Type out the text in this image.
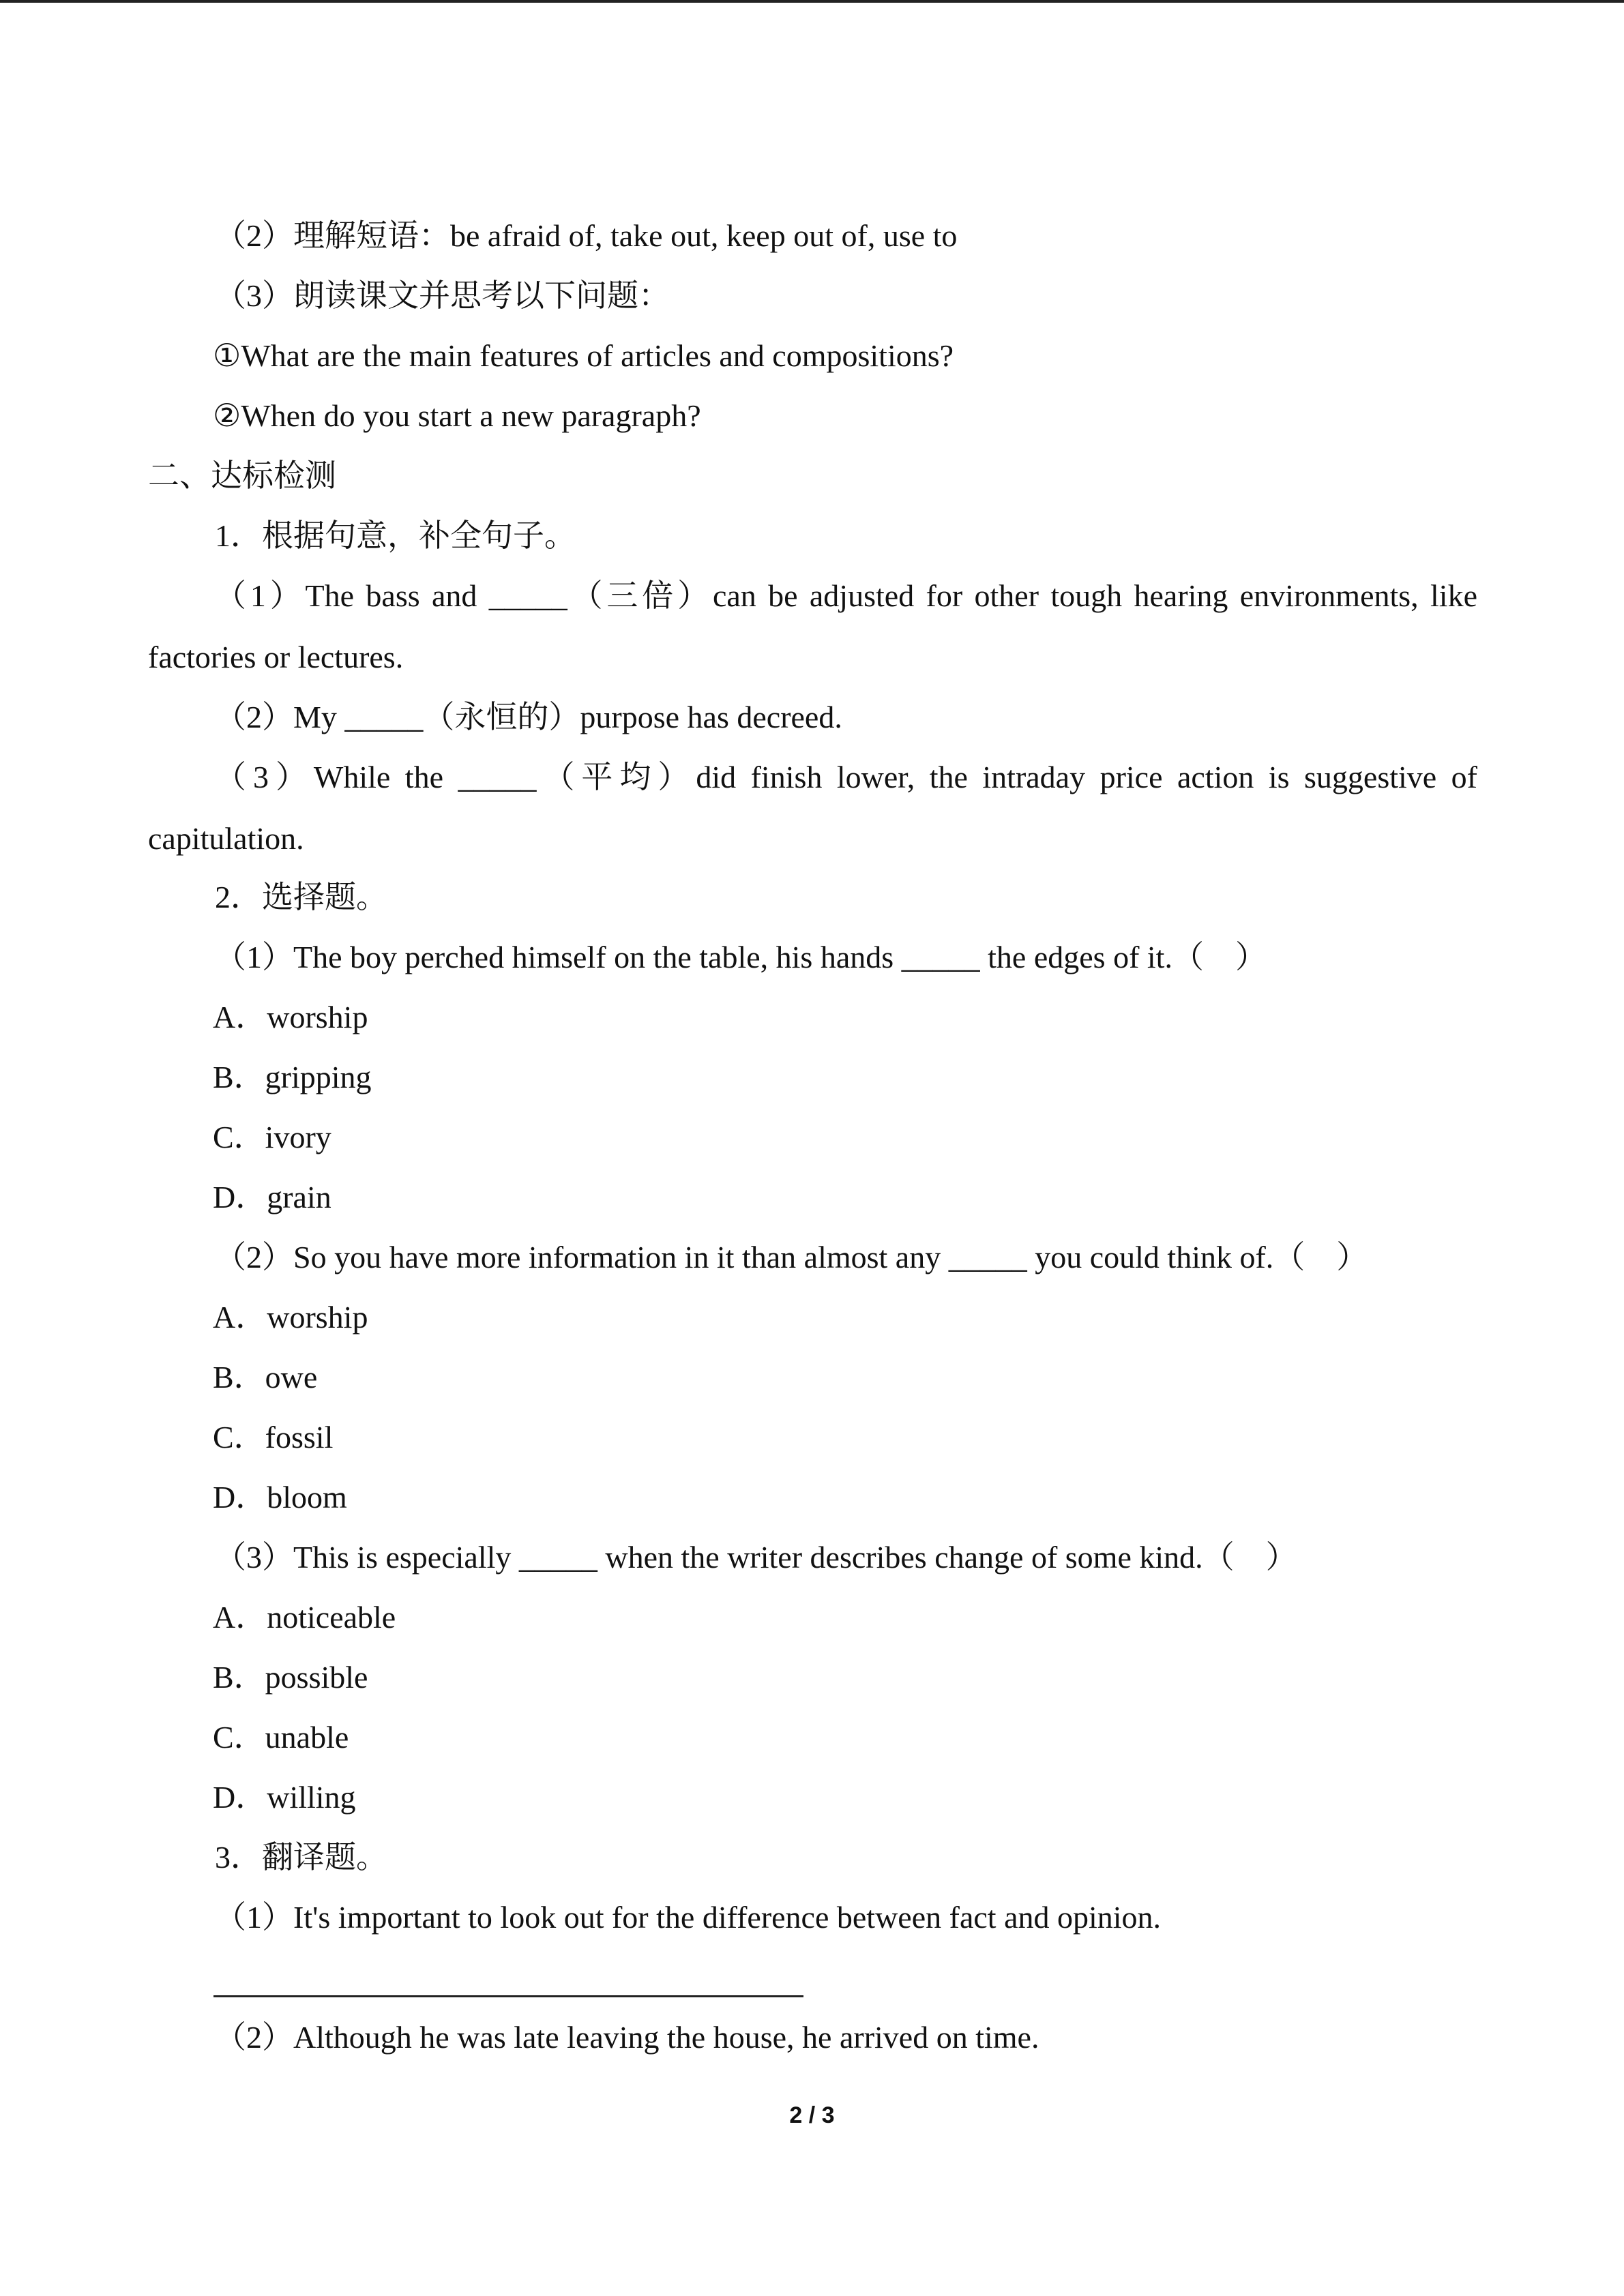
（2）理解短语：be afraid of, take out, keep out of, use to
（3）朗读课文并思考以下问题：
①What are the main features of articles and compositions?
②When do you start a new paragraph?
二、达标检测
1．根据句意，补全句子。
（1）The bass and _____（三倍）can be adjusted for other tough hearing environments, like
factories or lectures.
（2）My _____（永恒的）purpose has decreed.
（3）While the _____（平均）did finish lower, the intraday price action is suggestive of
capitulation.
2．选择题。
（1）The boy perched himself on the table, his hands _____ the edges of it.（　）
A．worship
B．gripping
C．ivory
D．grain
（2）So you have more information in it than almost any _____ you could think of.（　）
A．worship
B．owe
C．fossil
D．bloom
（3）This is especially _____ when the writer describes change of some kind.（　）
A．noticeable
B．possible
C．unable
D．willing
3．翻译题。
（1）It's important to look out for the difference between fact and opinion.
（2）Although he was late leaving the house, he arrived on time.
2 / 3
